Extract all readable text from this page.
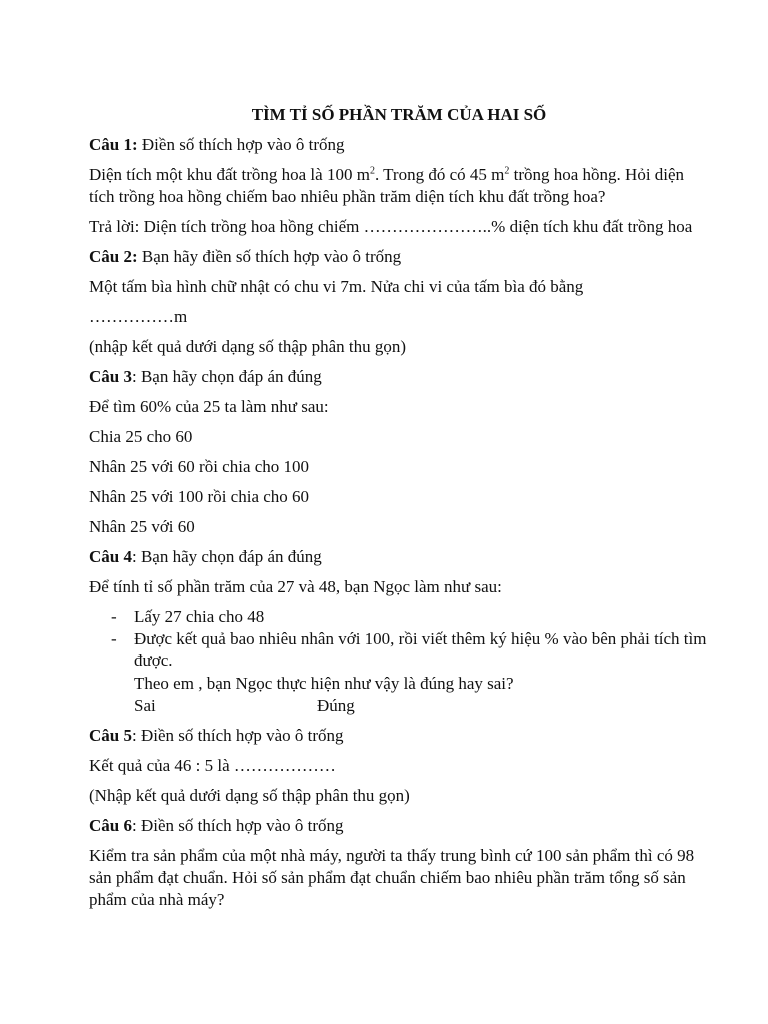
TÌM TỈ SỐ PHẦN TRĂM CỦA HAI SỐ

Câu 1: Điền số thích hợp vào ô trống

Diện tích một khu đất trồng hoa là 100 $m^2$. Trong đó có 45 $m^2$ trồng hoa hồng. Hỏi diện tích trồng hoa hồng chiếm bao nhiêu phần trăm diện tích khu đất trồng hoa?

Trả lời: Diện tích trồng hoa hồng chiếm …………………..% diện tích khu đất trồng hoa

Câu 2: Bạn hãy điền số thích hợp vào ô trống

Một tấm bìa hình chữ nhật có chu vi 7m. Nửa chi vi của tấm bìa đó bằng

……………m

(nhập kết quả dưới dạng số thập phân thu gọn)

Câu 3: Bạn hãy chọn đáp án đúng

Để tìm 60% của 25 ta làm như sau:

Chia 25 cho 60

Nhân 25 với 60 rồi chia cho 100

Nhân 25 với 100 rồi chia cho 60

Nhân 25 với 60

Câu 4: Bạn hãy chọn đáp án đúng

Để tính tỉ số phần trăm của 27 và 48, bạn Ngọc làm như sau:

- Lấy 27 chia cho 48
- Được kết quả bao nhiêu nhân với 100, rồi viết thêm ký hiệu % vào bên phải tích tìm được.
Theo em , bạn Ngọc thực hiện như vậy là đúng hay sai?
Sai	Đúng

Câu 5: Điền số thích hợp vào ô trống

Kết quả của 46 : 5 là ………………

(Nhập kết quả dưới dạng số thập phân thu gọn)

Câu 6: Điền số thích hợp vào ô trống

Kiểm tra sản phẩm của một nhà máy, người ta thấy trung bình cứ 100 sản phẩm thì có 98 sản phẩm đạt chuẩn. Hỏi số sản phẩm đạt chuẩn chiếm bao nhiêu phần trăm tổng số sản phẩm của nhà máy?
